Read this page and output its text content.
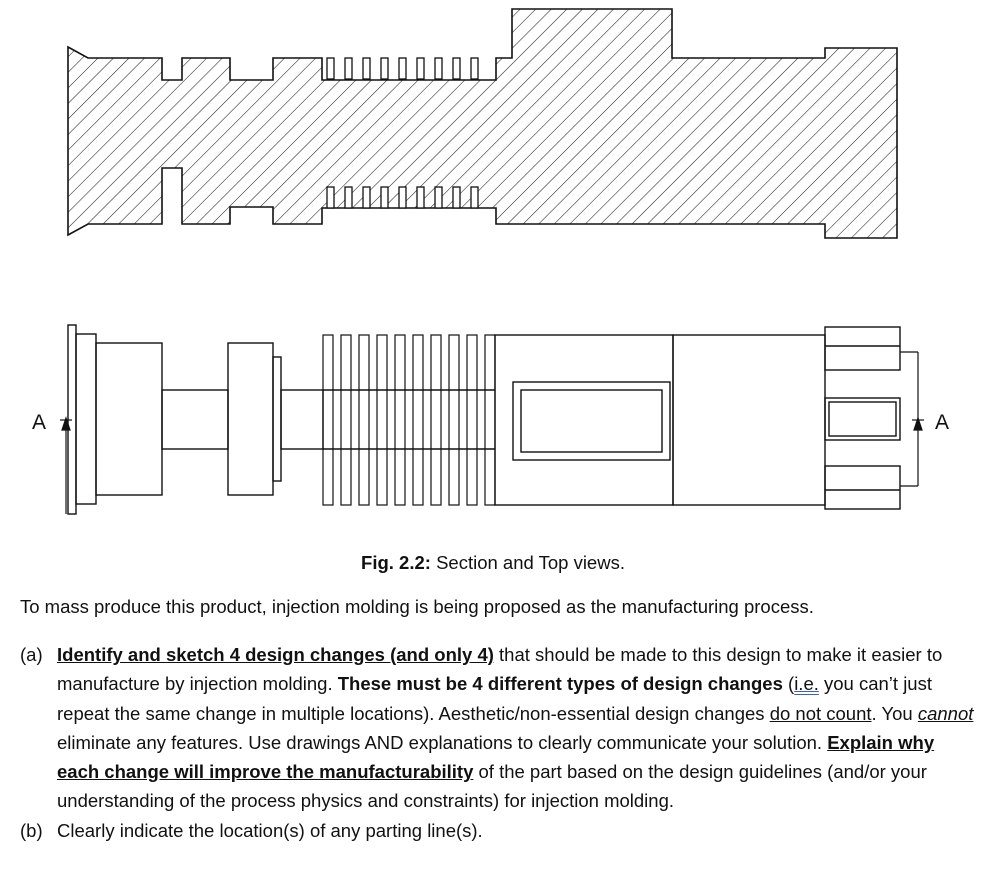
A	A
Fig. 2.2: Section and Top views.
To mass produce this product, injection molding is being proposed as the manufacturing process.
(a) Identify and sketch 4 design changes (and only 4) that should be made to this design to make it easier to manufacture by injection molding. These must be 4 different types of design changes (i.e. you can’t just repeat the same change in multiple locations). Aesthetic/non-essential design changes do not count. You cannot eliminate any features. Use drawings AND explanations to clearly communicate your solution. Explain why each change will improve the manufacturability of the part based on the design guidelines (and/or your understanding of the process physics and constraints) for injection molding.
(b) Clearly indicate the location(s) of any parting line(s).
